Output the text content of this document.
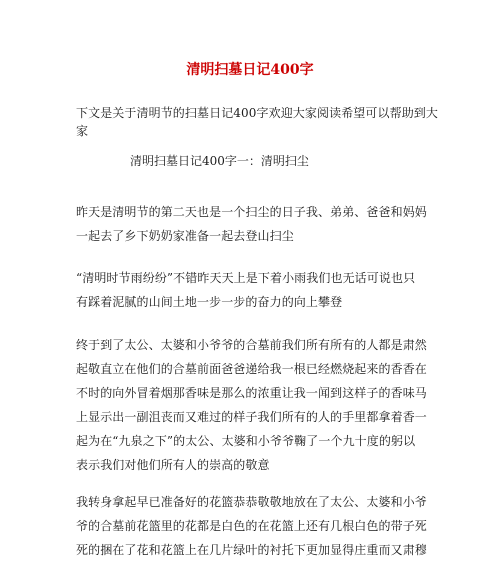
清明扫墓日记400字
下文是关于清明节的扫墓日记400字欢迎大家阅读希望可以帮助到大
家
清明扫墓日记400字一：清明扫尘
昨天是清明节的第二天也是一个扫尘的日子我、弟弟、爸爸和妈妈
一起去了乡下奶奶家准备一起去登山扫尘
“清明时节雨纷纷”不错昨天天上是下着小雨我们也无话可说也只
有踩着泥腻的山间土地一步一步的奋力的向上攀登
终于到了太公、太婆和小爷爷的合墓前我们所有所有的人都是肃然
起敬直立在他们的合墓前面爸爸递给我一根已经燃烧起来的香香在
不时的向外冒着烟那香味是那么的浓重让我一闻到这样子的香味马
上显示出一副沮丧而又难过的样子我们所有的人的手里都拿着香一
起为在“九泉之下”的太公、太婆和小爷爷鞠了一个九十度的躬以
表示我们对他们所有人的崇高的敬意
我转身拿起早已准备好的花篮恭恭敬敬地放在了太公、太婆和小爷
爷的合墓前花篮里的花都是白色的在花篮上还有几根白色的带子死
死的捆在了花和花篮上在几片绿叶的衬托下更加显得庄重而又肃穆
